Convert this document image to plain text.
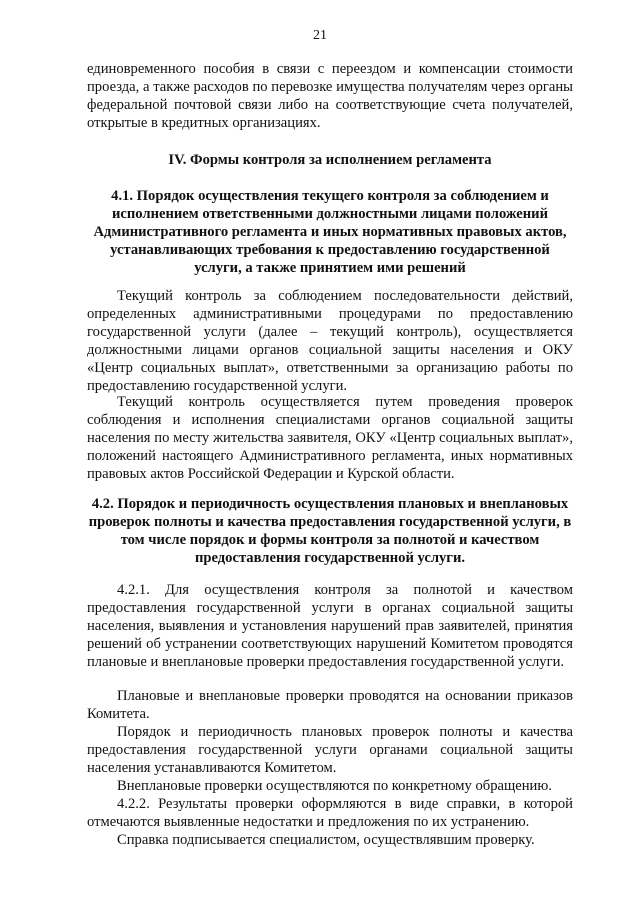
21
единовременного пособия в связи с переездом и компенсации стоимости проезда, а также расходов по перевозке имущества получателям через органы федеральной почтовой связи либо на соответствующие счета получателей, открытые в кредитных организациях.
IV. Формы контроля за исполнением регламента
4.1. Порядок осуществления текущего контроля за соблюдением и исполнением ответственными должностными лицами положений Административного регламента и иных нормативных правовых актов, устанавливающих требования к предоставлению государственной услуги, а также принятием ими решений
Текущий контроль за соблюдением последовательности действий, определенных административными процедурами по предоставлению государственной услуги (далее – текущий контроль), осуществляется должностными лицами органов социальной защиты населения и ОКУ «Центр социальных выплат», ответственными за организацию работы по предоставлению государственной услуги.
Текущий контроль осуществляется путем проведения проверок соблюдения и исполнения специалистами органов социальной защиты населения по месту жительства заявителя, ОКУ «Центр социальных выплат», положений настоящего Административного регламента, иных нормативных правовых актов Российской Федерации и Курской области.
4.2. Порядок и периодичность осуществления плановых и внеплановых проверок полноты и качества предоставления государственной услуги, в том числе порядок и формы контроля за полнотой и качеством предоставления государственной услуги.
4.2.1. Для осуществления контроля за полнотой и качеством предоставления государственной услуги в органах социальной защиты населения, выявления и установления нарушений прав заявителей, принятия решений об устранении соответствующих нарушений Комитетом проводятся плановые и внеплановые проверки предоставления государственной услуги.
Плановые и внеплановые проверки проводятся на основании приказов Комитета.
Порядок и периодичность плановых проверок полноты и качества предоставления государственной услуги органами социальной защиты населения устанавливаются Комитетом.
Внеплановые проверки осуществляются по конкретному обращению.
4.2.2. Результаты проверки оформляются в виде справки, в которой отмечаются выявленные недостатки и предложения по их устранению.
Справка подписывается специалистом, осуществлявшим проверку.
